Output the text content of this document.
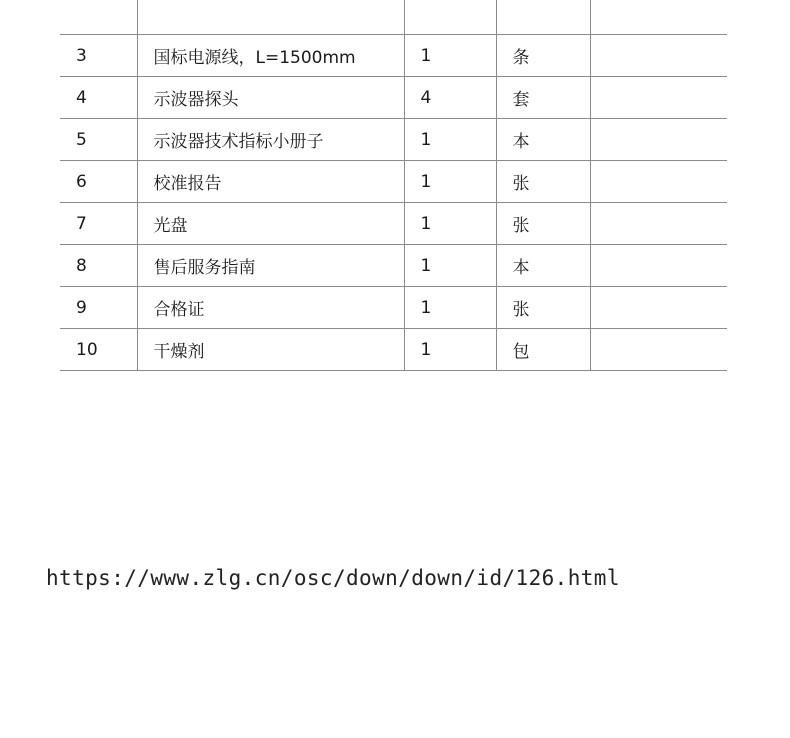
3	国标电源线，L=1500mm	1	条	
4	示波器探头	4	套	
5	示波器技术指标小册子	1	本	
6	校准报告	1	张	
7	光盘	1	张	
8	售后服务指南	1	本	
9	合格证	1	张	
10	干燥剂	1	包	
https://www.zlg.cn/osc/down/down/id/126.html
